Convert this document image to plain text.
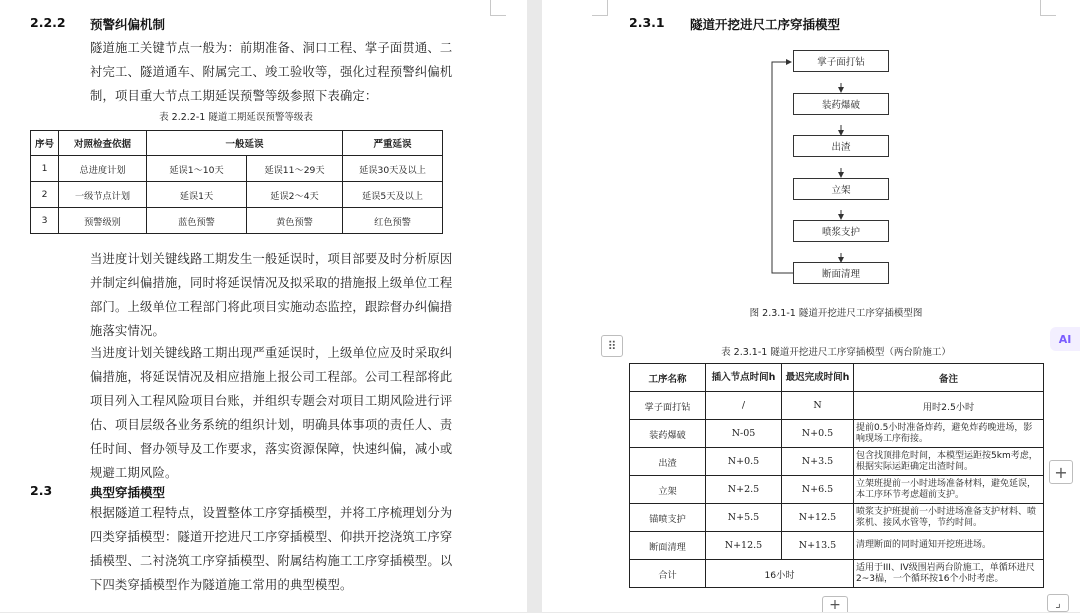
2.2.2 预警纠偏机制

隧道施工关键节点一般为：前期准备、洞口工程、掌子面贯通、二

衬完工、隧道通车、附属完工、竣工验收等，强化过程预警纠偏机

制，项目重大节点工期延误预警等级参照下表确定：

表 2.2.2-1 隧道工期延误预警等级表
序号	对照检查依据	一般延误		严重延误
1	总进度计划	延误1～10天	延误11～29天	延误30天及以上
2	一级节点计划	延误1天	延误2～4天	延误5天及以上
3	预警级别	蓝色预警	黄色预警	红色预警

当进度计划关键线路工期发生一般延误时，项目部要及时分析原因

并制定纠偏措施，同时将延误情况及拟采取的措施报上级单位工程

部门。上级单位工程部门将此项目实施动态监控，跟踪督办纠偏措

施落实情况。

当进度计划关键线路工期出现严重延误时，上级单位应及时采取纠

偏措施，将延误情况及相应措施上报公司工程部。公司工程部将此

项目列入工程风险项目台账，并组织专题会对项目工期风险进行评

估、项目层级各业务系统的组织计划，明确具体事项的责任人、责

任时间、督办领导及工作要求，落实资源保障，快速纠偏，减小或

规避工期风险。

2.3	典型穿插模型

根据隧道工程特点，设置整体工序穿插模型，并将工序梳理划分为

四类穿插模型：隧道开挖进尺工序穿插模型、仰拱开挖浇筑工序穿

插模型、二衬浇筑工序穿插模型、附属结构施工工序穿插模型。以

下四类穿插模型作为隧道施工常用的典型模型。

2.3.1 隧道开挖进尺工序穿插模型
掌子面打钻
装药爆破
出渣
立架
喷浆支护
断面清理
图 2.3.1-1 隧道开挖进尺工序穿插模型图
表 2.3.1-1 隧道开挖进尺工序穿插模型（两台阶施工）
⠿
工序名称	插入节点时间h	最迟完成时间h	备注
掌子面打钻	/	N	用时2.5小时
装药爆破	N-05	N+0.5	提前0.5小时准备炸药，避免炸药晚进场，影响现场工序衔接。
出渣	N+0.5	N+3.5	包含找顶排危时间，本模型运距按5km考虑，根据实际运距确定出渣时间。
立架	N+2.5	N+6.5	立架班提前一小时进场准备材料，避免延误，本工序环节考虑超前支护。
锚喷支护	N+5.5	N+12.5	喷浆支护班提前一小时进场准备支护材料、喷浆机、接风水管等，节约时间。
断面清理	N+12.5	N+13.5	清理断面的同时通知开挖班进场。
合计	16小时		适用于III、IV级围岩两台阶施工，单循环进尺2~3榀，一个循环按16个小时考虑。
+
+	⌟
AI
